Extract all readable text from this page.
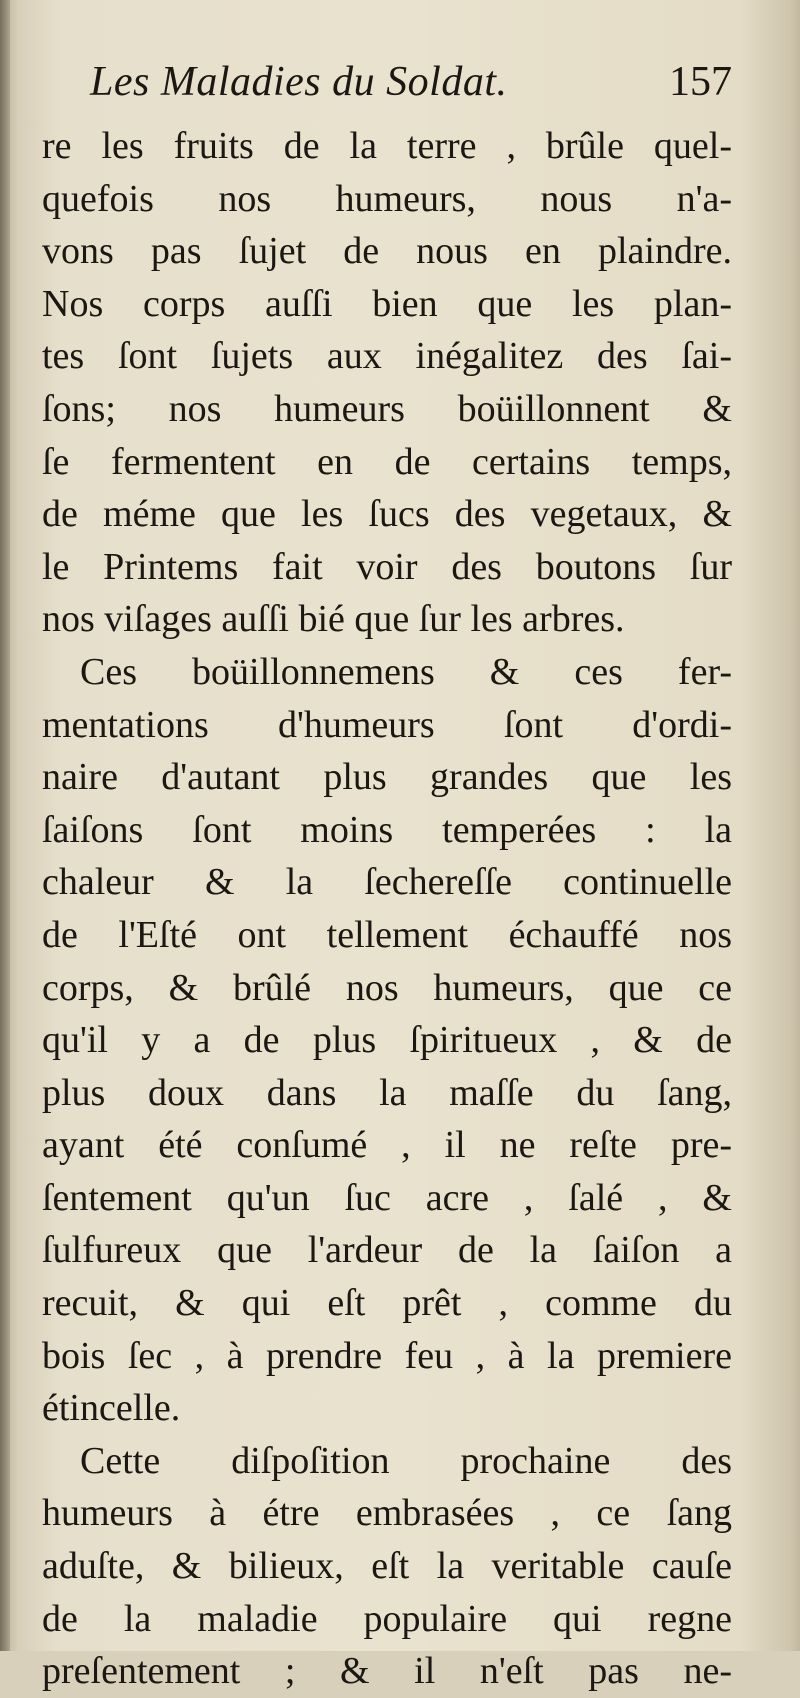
Les Maladies du Soldat.	157
re les fruits de la terre , brûle quel-
quefois nos humeurs, nous n'a-
vons pas ſujet de nous en plaindre.
Nos corps auſſi bien que les plan-
tes ſont ſujets aux inégalitez des ſai-
ſons; nos humeurs boüillonnent &
ſe fermentent en de certains temps,
de méme que les ſucs des vegetaux, &
le Printems fait voir des boutons ſur
nos viſages auſſi bié que ſur les arbres.
Ces boüillonnemens & ces fer-
mentations d'humeurs ſont d'ordi-
naire d'autant plus grandes que les
ſaiſons ſont moins temperées : la
chaleur & la ſechereſſe continuelle
de l'Eſté ont tellement échauffé nos
corps, & brûlé nos humeurs, que ce
qu'il y a de plus ſpiritueux , & de
plus doux dans la maſſe du ſang,
ayant été conſumé , il ne reſte pre-
ſentement qu'un ſuc acre , ſalé , &
ſulfureux que l'ardeur de la ſaiſon a
recuit, & qui eſt prêt , comme du
bois ſec , à prendre feu , à la premiere
étincelle.
Cette diſpoſition prochaine des
humeurs à étre embrasées , ce ſang
aduſte, & bilieux, eſt la veritable cauſe
de la maladie populaire qui regne
preſentement ; & il n'eſt pas ne-
